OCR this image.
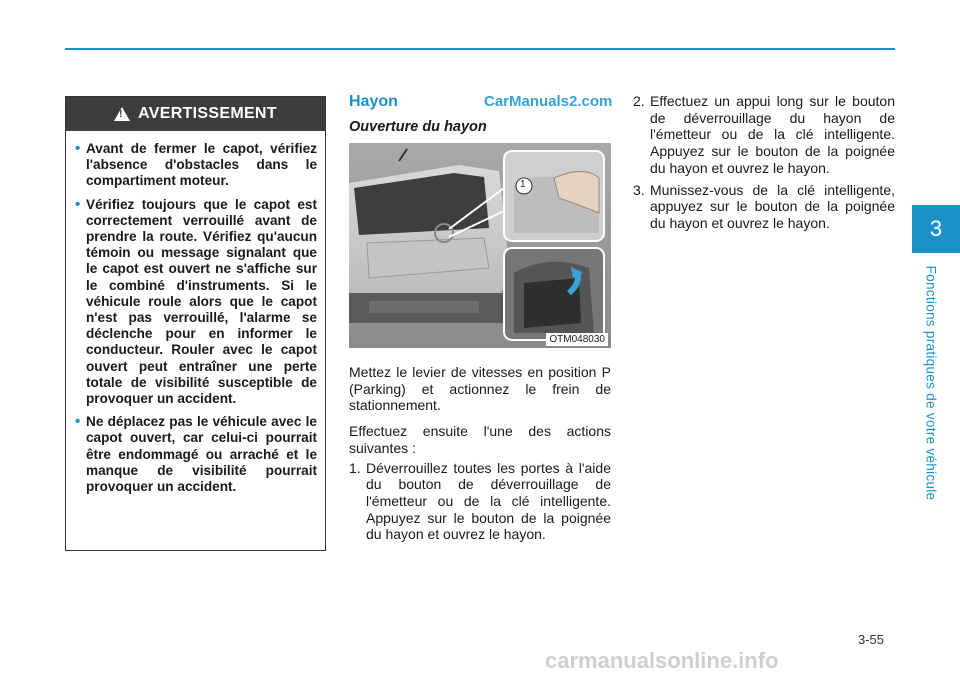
3
Fonctions pratiques de votre véhicule
!
AVERTISSEMENT
• Avant de fermer le capot, vérifiez l'absence d'obstacles dans le compartiment moteur.
• Vérifiez toujours que le capot est correctement verrouillé avant de prendre la route. Vérifiez qu'aucun témoin ou message signalant que le capot est ouvert ne s'affiche sur le combiné d'instruments. Si le véhicule roule alors que le capot n'est pas verrouillé, l'alarme se déclenche pour en informer le conducteur. Rouler avec le capot ouvert peut entraîner une perte totale de visibilité susceptible de provoquer un accident.
• Ne déplacez pas le véhicule avec le capot ouvert, car celui-ci pourrait être endommagé ou arraché et le manque de visibilité pourrait provoquer un accident.
Hayon	CarManuals2.com
Ouverture du hayon
OTM048030
1

Mettez le levier de vitesses en position P (Parking) et actionnez le frein de stationnement.

Effectuez ensuite l'une des actions suivantes :

1. Déverrouillez toutes les portes à l'aide du bouton de déverrouillage de l'émetteur ou de la clé intelligente. Appuyez sur le bouton de la poignée du hayon et ouvrez le hayon.
2. Effectuez un appui long sur le bouton de déverrouillage du hayon de l'émetteur ou de la clé intelligente. Appuyez sur le bouton de la poignée du hayon et ouvrez le hayon.
3. Munissez-vous de la clé intelligente, appuyez sur le bouton de la poignée du hayon et ouvrez le hayon.
3-55
carmanualsonline.info
